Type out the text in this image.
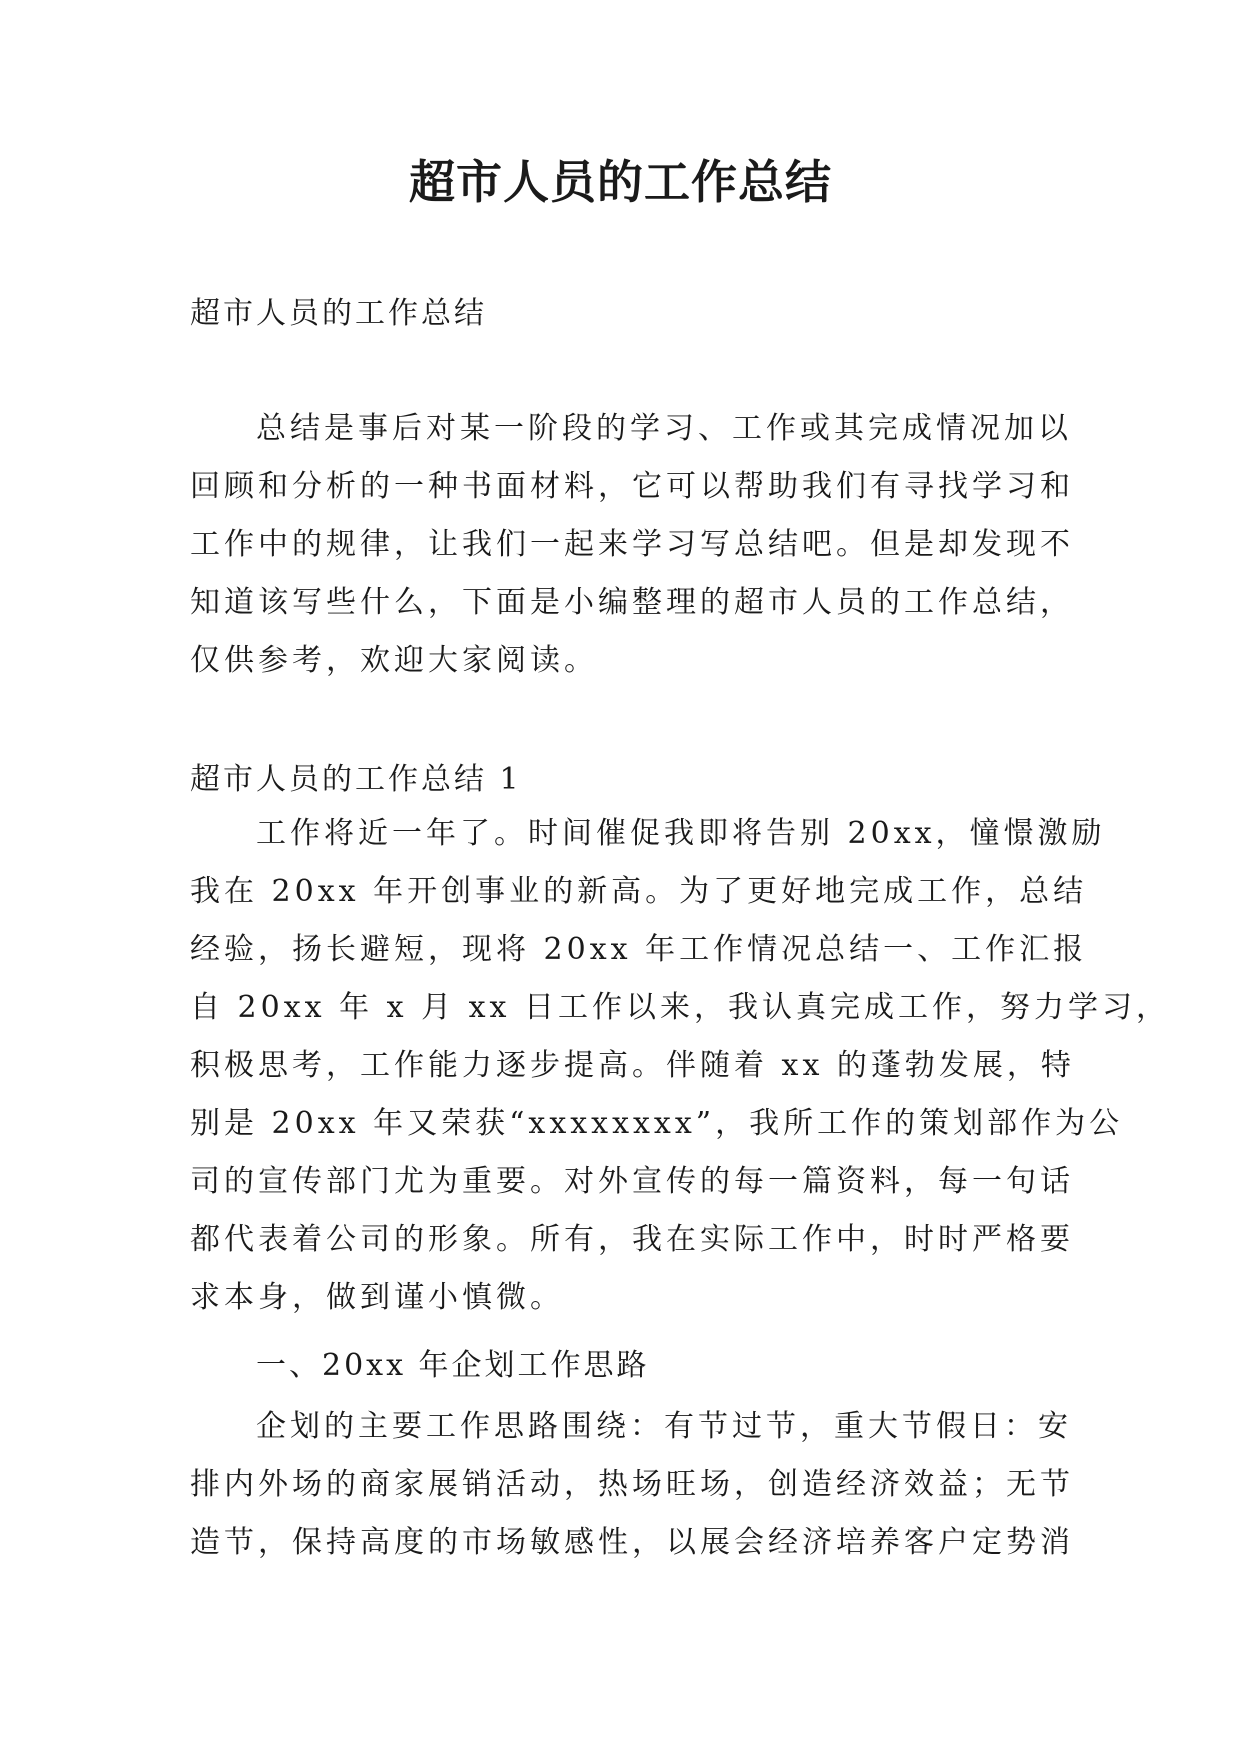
超市人员的工作总结
超市人员的工作总结
总结是事后对某一阶段的学习、工作或其完成情况加以
回顾和分析的一种书面材料，它可以帮助我们有寻找学习和
工作中的规律，让我们一起来学习写总结吧。但是却发现不
知道该写些什么，下面是小编整理的超市人员的工作总结，
仅供参考，欢迎大家阅读。
超市人员的工作总结 1
工作将近一年了。时间催促我即将告别 20xx，憧憬激励
我在 20xx 年开创事业的新高。为了更好地完成工作，总结
经验，扬长避短，现将 20xx 年工作情况总结一、工作汇报
自 20xx 年 x 月 xx 日工作以来，我认真完成工作，努力学习，
积极思考，工作能力逐步提高。伴随着 xx 的蓬勃发展，特
别是 20xx 年又荣获“xxxxxxxx”，我所工作的策划部作为公
司的宣传部门尤为重要。对外宣传的每一篇资料，每一句话
都代表着公司的形象。所有，我在实际工作中，时时严格要
求本身，做到谨小慎微。
一、20xx 年企划工作思路
企划的主要工作思路围绕：有节过节，重大节假日：安
排内外场的商家展销活动，热场旺场，创造经济效益；无节
造节，保持高度的市场敏感性，以展会经济培养客户定势消
